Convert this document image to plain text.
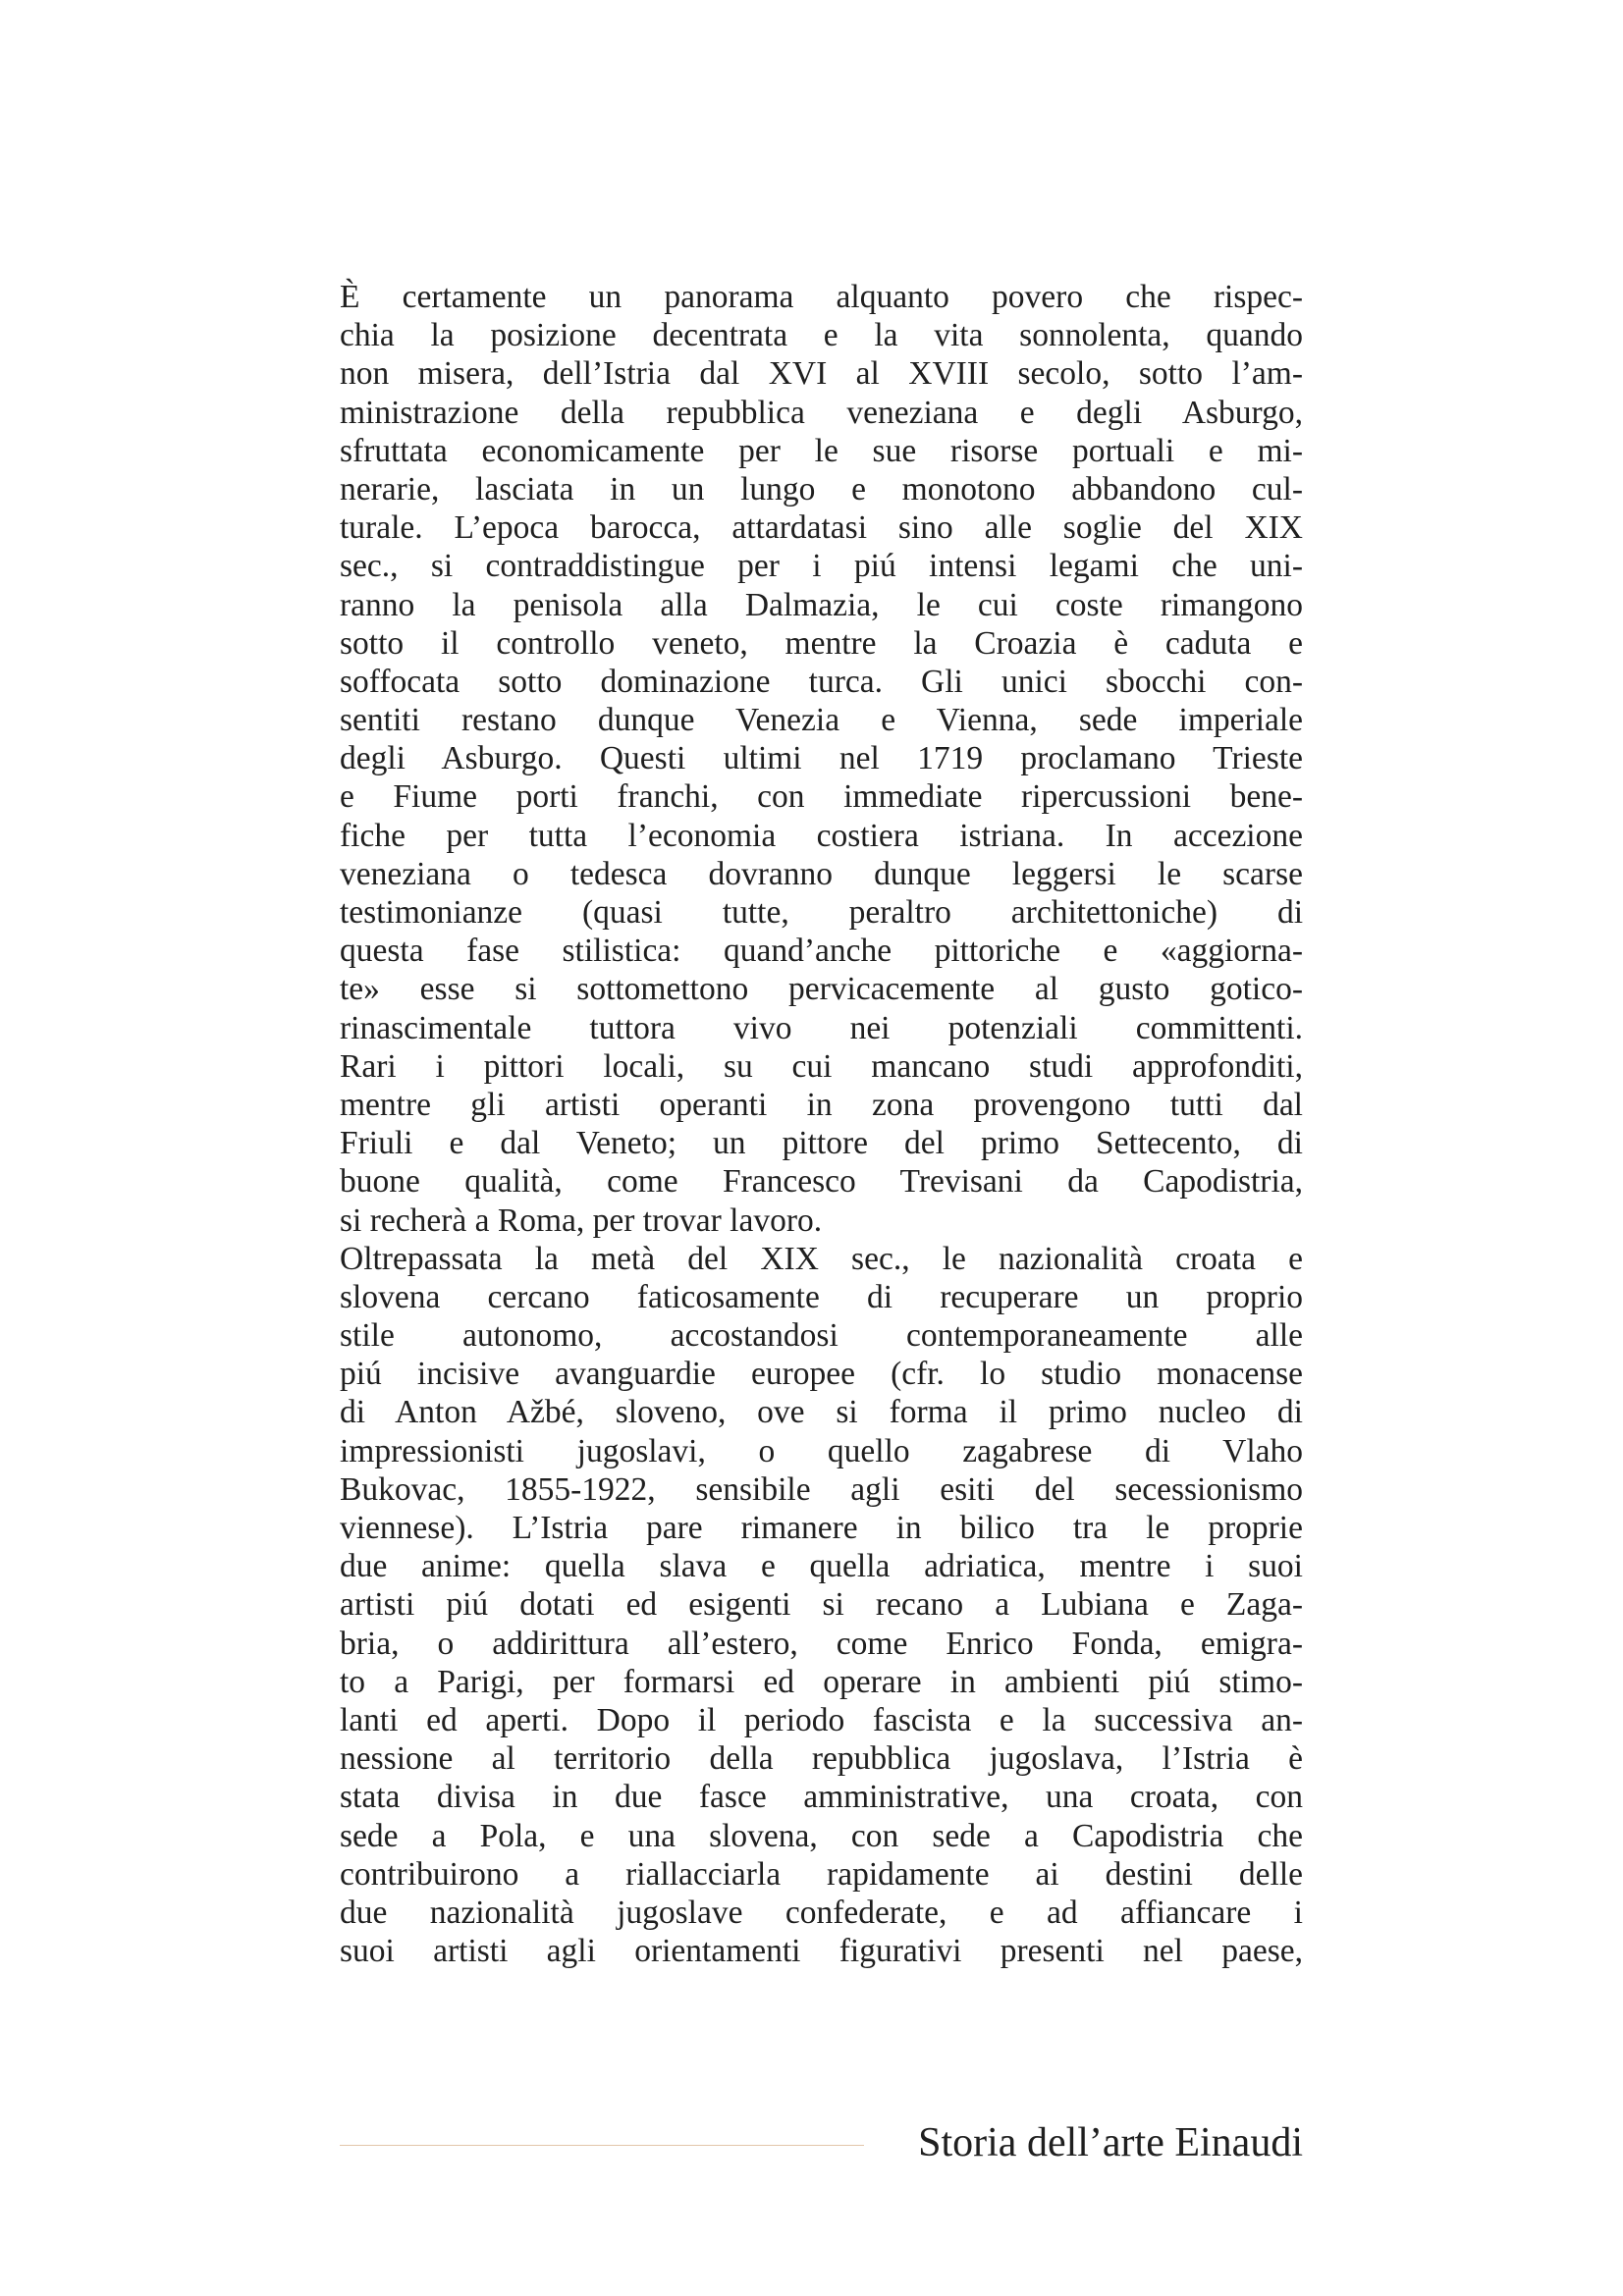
È certamente un panorama alquanto povero che rispec-
chia la posizione decentrata e la vita sonnolenta, quando
non misera, dell’Istria dal XVI al XVIII secolo, sotto l’am-
ministrazione della repubblica veneziana e degli Asburgo,
sfruttata economicamente per le sue risorse portuali e mi-
nerarie, lasciata in un lungo e monotono abbandono cul-
turale. L’epoca barocca, attardatasi sino alle soglie del XIX
sec., si contraddistingue per i piú intensi legami che uni-
ranno la penisola alla Dalmazia, le cui coste rimangono
sotto il controllo veneto, mentre la Croazia è caduta e
soffocata sotto dominazione turca. Gli unici sbocchi con-
sentiti restano dunque Venezia e Vienna, sede imperiale
degli Asburgo. Questi ultimi nel 1719 proclamano Trieste
e Fiume porti franchi, con immediate ripercussioni bene-
fiche per tutta l’economia costiera istriana. In accezione
veneziana o tedesca dovranno dunque leggersi le scarse
testimonianze (quasi tutte, peraltro architettoniche) di
questa fase stilistica: quand’anche pittoriche e «aggiorna-
te» esse si sottomettono pervicacemente al gusto gotico-
rinascimentale tuttora vivo nei potenziali committenti.
Rari i pittori locali, su cui mancano studi approfonditi,
mentre gli artisti operanti in zona provengono tutti dal
Friuli e dal Veneto; un pittore del primo Settecento, di
buone qualità, come Francesco Trevisani da Capodistria,
si recherà a Roma, per trovar lavoro.
Oltrepassata la metà del XIX sec., le nazionalità croata e
slovena cercano faticosamente di recuperare un proprio
stile autonomo, accostandosi contemporaneamente alle
piú incisive avanguardie europee (cfr. lo studio monacense
di Anton Ažbé, sloveno, ove si forma il primo nucleo di
impressionisti jugoslavi, o quello zagabrese di Vlaho
Bukovac, 1855-1922, sensibile agli esiti del secessionismo
viennese). L’Istria pare rimanere in bilico tra le proprie
due anime: quella slava e quella adriatica, mentre i suoi
artisti piú dotati ed esigenti si recano a Lubiana e Zaga-
bria, o addirittura all’estero, come Enrico Fonda, emigra-
to a Parigi, per formarsi ed operare in ambienti piú stimo-
lanti ed aperti. Dopo il periodo fascista e la successiva an-
nessione al territorio della repubblica jugoslava, l’Istria è
stata divisa in due fasce amministrative, una croata, con
sede a Pola, e una slovena, con sede a Capodistria che
contribuirono a riallacciarla rapidamente ai destini delle
due nazionalità jugoslave confederate, e ad affiancare i
suoi artisti agli orientamenti figurativi presenti nel paese,
Storia dell’arte Einaudi
